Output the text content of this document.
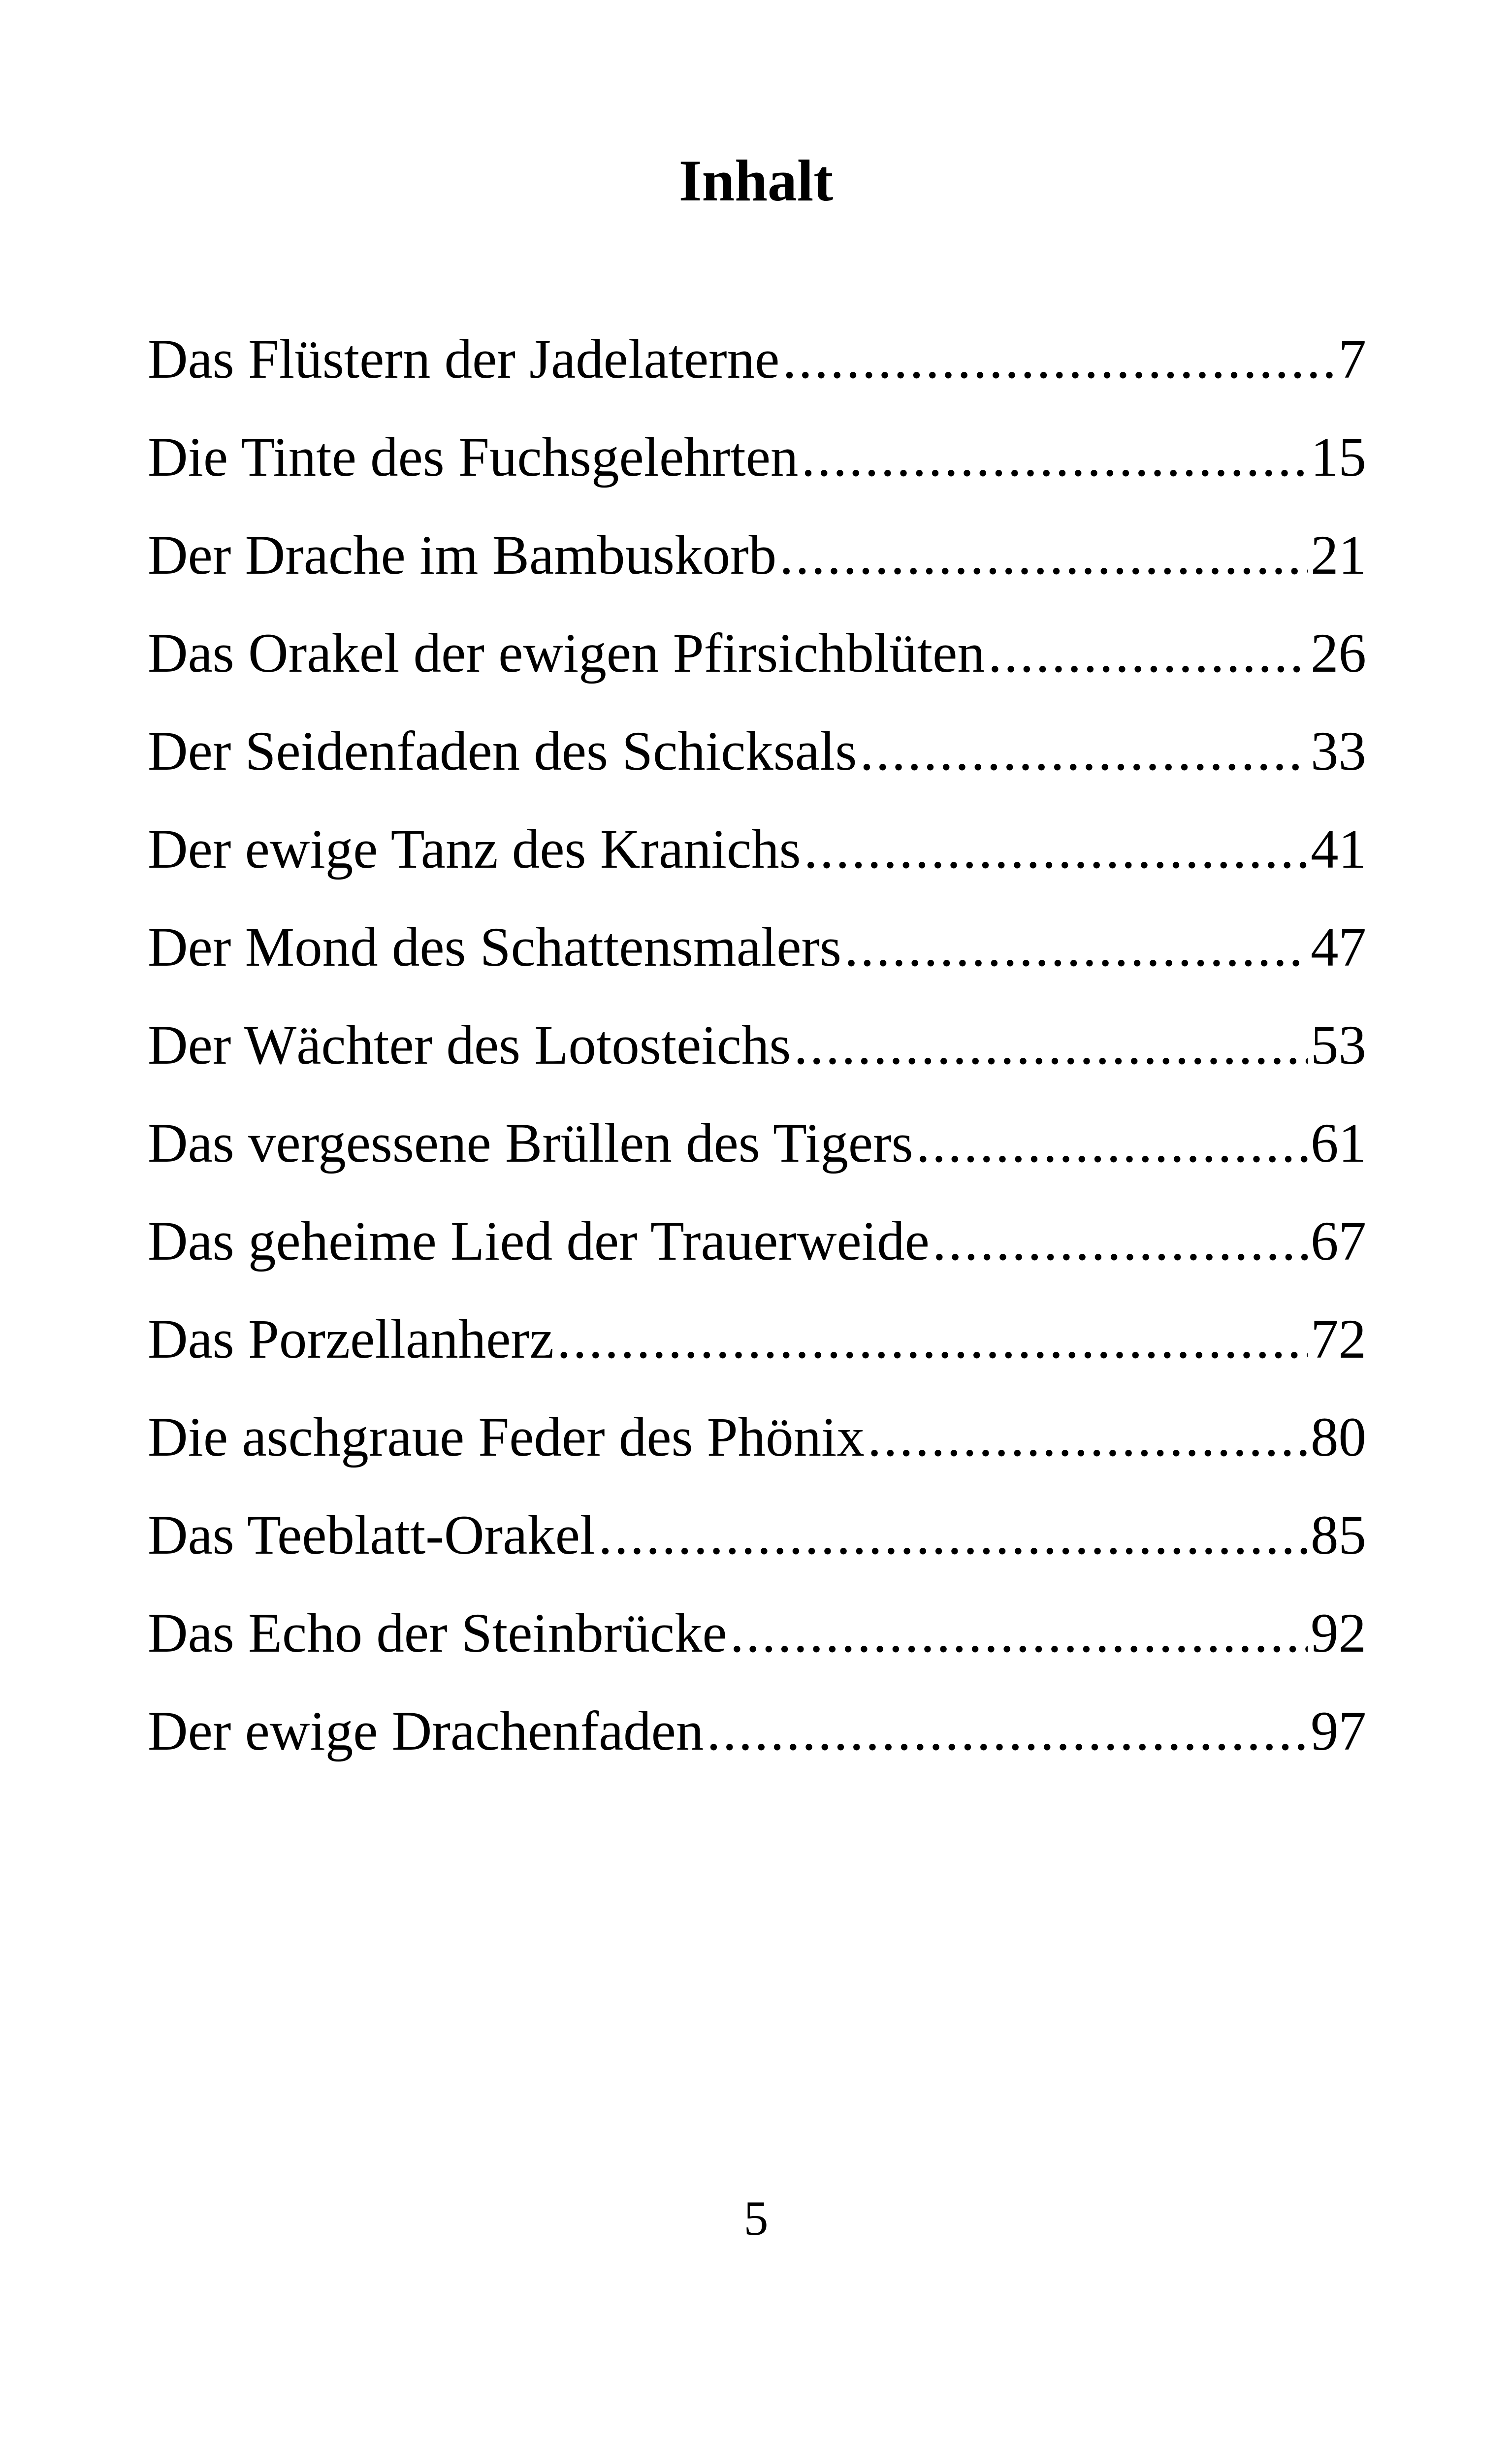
Inhalt
Das Flüstern der Jadelaterne .....	7
Die Tinte des Fuchsgelehrten .....	15
Der Drache im Bambuskorb .....	21
Das Orakel der ewigen Pfirsichblüten .....	26
Der Seidenfaden des Schicksals .....	33
Der ewige Tanz des Kranichs .....	41
Der Mond des Schattensmalers .....	47
Der Wächter des Lotosteichs .....	53
Das vergessene Brüllen des Tigers .....	61
Das geheime Lied der Trauerweide .....	67
Das Porzellanherz .....	72
Die aschgraue Feder des Phönix .....	80
Das Teeblatt-Orakel .....	85
Das Echo der Steinbrücke .....	92
Der ewige Drachenfaden .....	97
5
